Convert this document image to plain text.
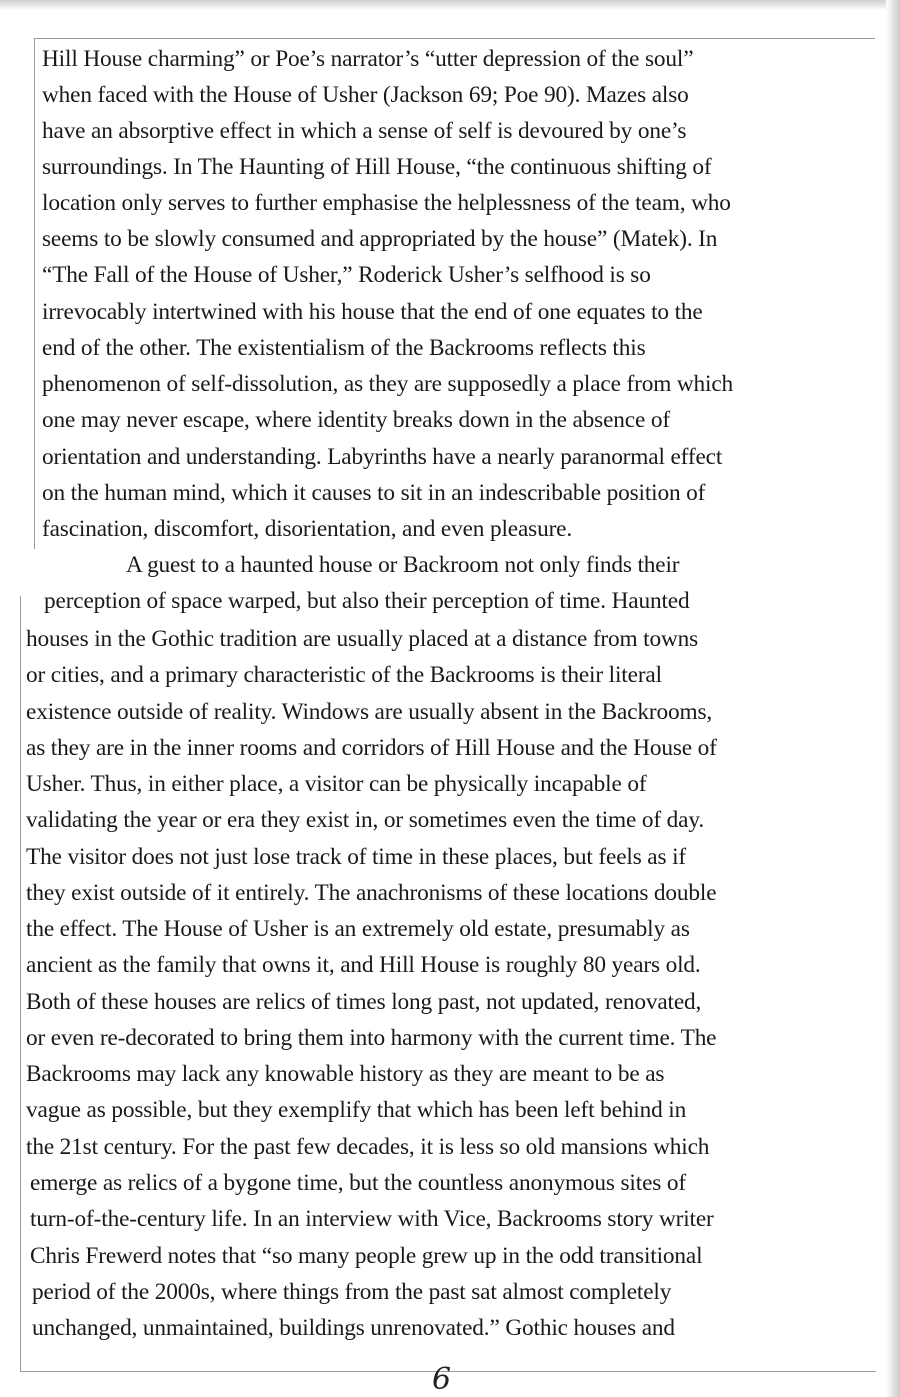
Hill House charming” or Poe’s narrator’s “utter depression of the soul”
when faced with the House of Usher (Jackson 69; Poe 90). Mazes also
have an absorptive effect in which a sense of self is devoured by one’s
surroundings. In The Haunting of Hill House, “the continuous shifting of
location only serves to further emphasise the helplessness of the team, who
seems to be slowly consumed and appropriated by the house” (Matek). In
“The Fall of the House of Usher,” Roderick Usher’s selfhood is so
irrevocably intertwined with his house that the end of one equates to the
end of the other. The existentialism of the Backrooms reflects this
phenomenon of self-dissolution, as they are supposedly a place from which
one may never escape, where identity breaks down in the absence of
orientation and understanding. Labyrinths have a nearly paranormal effect
on the human mind, which it causes to sit in an indescribable position of
fascination, discomfort, disorientation, and even pleasure.
A guest to a haunted house or Backroom not only finds their
perception of space warped, but also their perception of time. Haunted
houses in the Gothic tradition are usually placed at a distance from towns
or cities, and a primary characteristic of the Backrooms is their literal
existence outside of reality. Windows are usually absent in the Backrooms,
as they are in the inner rooms and corridors of Hill House and the House of
Usher. Thus, in either place, a visitor can be physically incapable of
validating the year or era they exist in, or sometimes even the time of day.
The visitor does not just lose track of time in these places, but feels as if
they exist outside of it entirely. The anachronisms of these locations double
the effect. The House of Usher is an extremely old estate, presumably as
ancient as the family that owns it, and Hill House is roughly 80 years old.
Both of these houses are relics of times long past, not updated, renovated,
or even re-decorated to bring them into harmony with the current time. The
Backrooms may lack any knowable history as they are meant to be as
vague as possible, but they exemplify that which has been left behind in
the 21st century. For the past few decades, it is less so old mansions which
emerge as relics of a bygone time, but the countless anonymous sites of
turn-of-the-century life. In an interview with Vice, Backrooms story writer
Chris Frewerd notes that “so many people grew up in the odd transitional
period of the 2000s, where things from the past sat almost completely
unchanged, unmaintained, buildings unrenovated.” Gothic houses and
6
